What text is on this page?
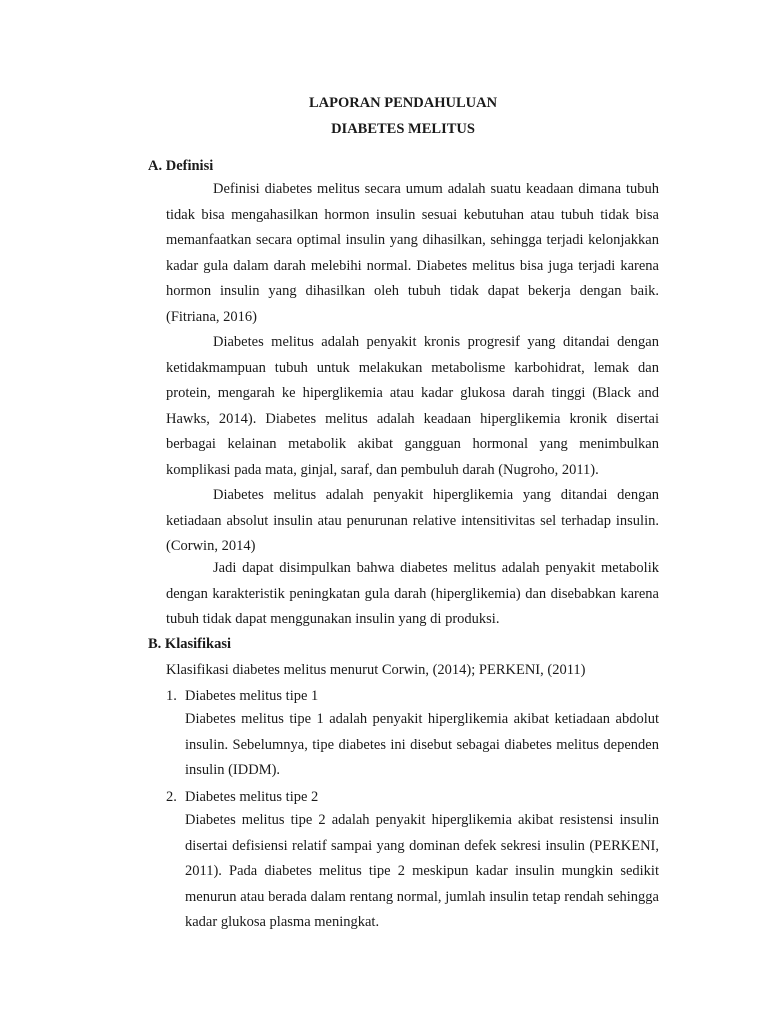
LAPORAN PENDAHULUAN
DIABETES MELITUS
A. Definisi

Definisi diabetes melitus secara umum adalah suatu keadaan dimana tubuh tidak bisa mengahasilkan hormon insulin sesuai kebutuhan atau tubuh tidak bisa memanfaatkan secara optimal insulin yang dihasilkan, sehingga terjadi kelonjakkan kadar gula dalam darah melebihi normal. Diabetes melitus bisa juga terjadi karena hormon insulin yang dihasilkan oleh tubuh tidak dapat bekerja dengan baik. (Fitriana, 2016)

Diabetes melitus adalah penyakit kronis progresif yang ditandai dengan ketidakmampuan tubuh untuk melakukan metabolisme karbohidrat, lemak dan protein, mengarah ke hiperglikemia atau kadar glukosa darah tinggi (Black and Hawks, 2014). Diabetes melitus adalah keadaan hiperglikemia kronik disertai berbagai kelainan metabolik akibat gangguan hormonal yang menimbulkan komplikasi pada mata, ginjal, saraf, dan pembuluh darah (Nugroho, 2011).

Diabetes melitus adalah penyakit hiperglikemia yang ditandai dengan ketiadaan absolut insulin atau penurunan relative intensitivitas sel terhadap insulin. (Corwin, 2014)

Jadi dapat disimpulkan bahwa diabetes melitus adalah penyakit metabolik dengan karakteristik peningkatan gula darah (hiperglikemia) dan disebabkan karena tubuh tidak dapat menggunakan insulin yang di produksi.

B. Klasifikasi
Klasifikasi diabetes melitus menurut Corwin, (2014); PERKENI, (2011)
1. Diabetes melitus tipe 1

Diabetes melitus tipe 1 adalah penyakit hiperglikemia akibat ketiadaan abdolut insulin. Sebelumnya, tipe diabetes ini disebut sebagai diabetes melitus dependen insulin (IDDM).

2. Diabetes melitus tipe 2

Diabetes melitus tipe 2 adalah penyakit hiperglikemia akibat resistensi insulin disertai defisiensi relatif sampai yang dominan defek sekresi insulin (PERKENI, 2011). Pada diabetes melitus tipe 2 meskipun kadar insulin mungkin sedikit menurun atau berada dalam rentang normal, jumlah insulin tetap rendah sehingga kadar glukosa plasma meningkat.
